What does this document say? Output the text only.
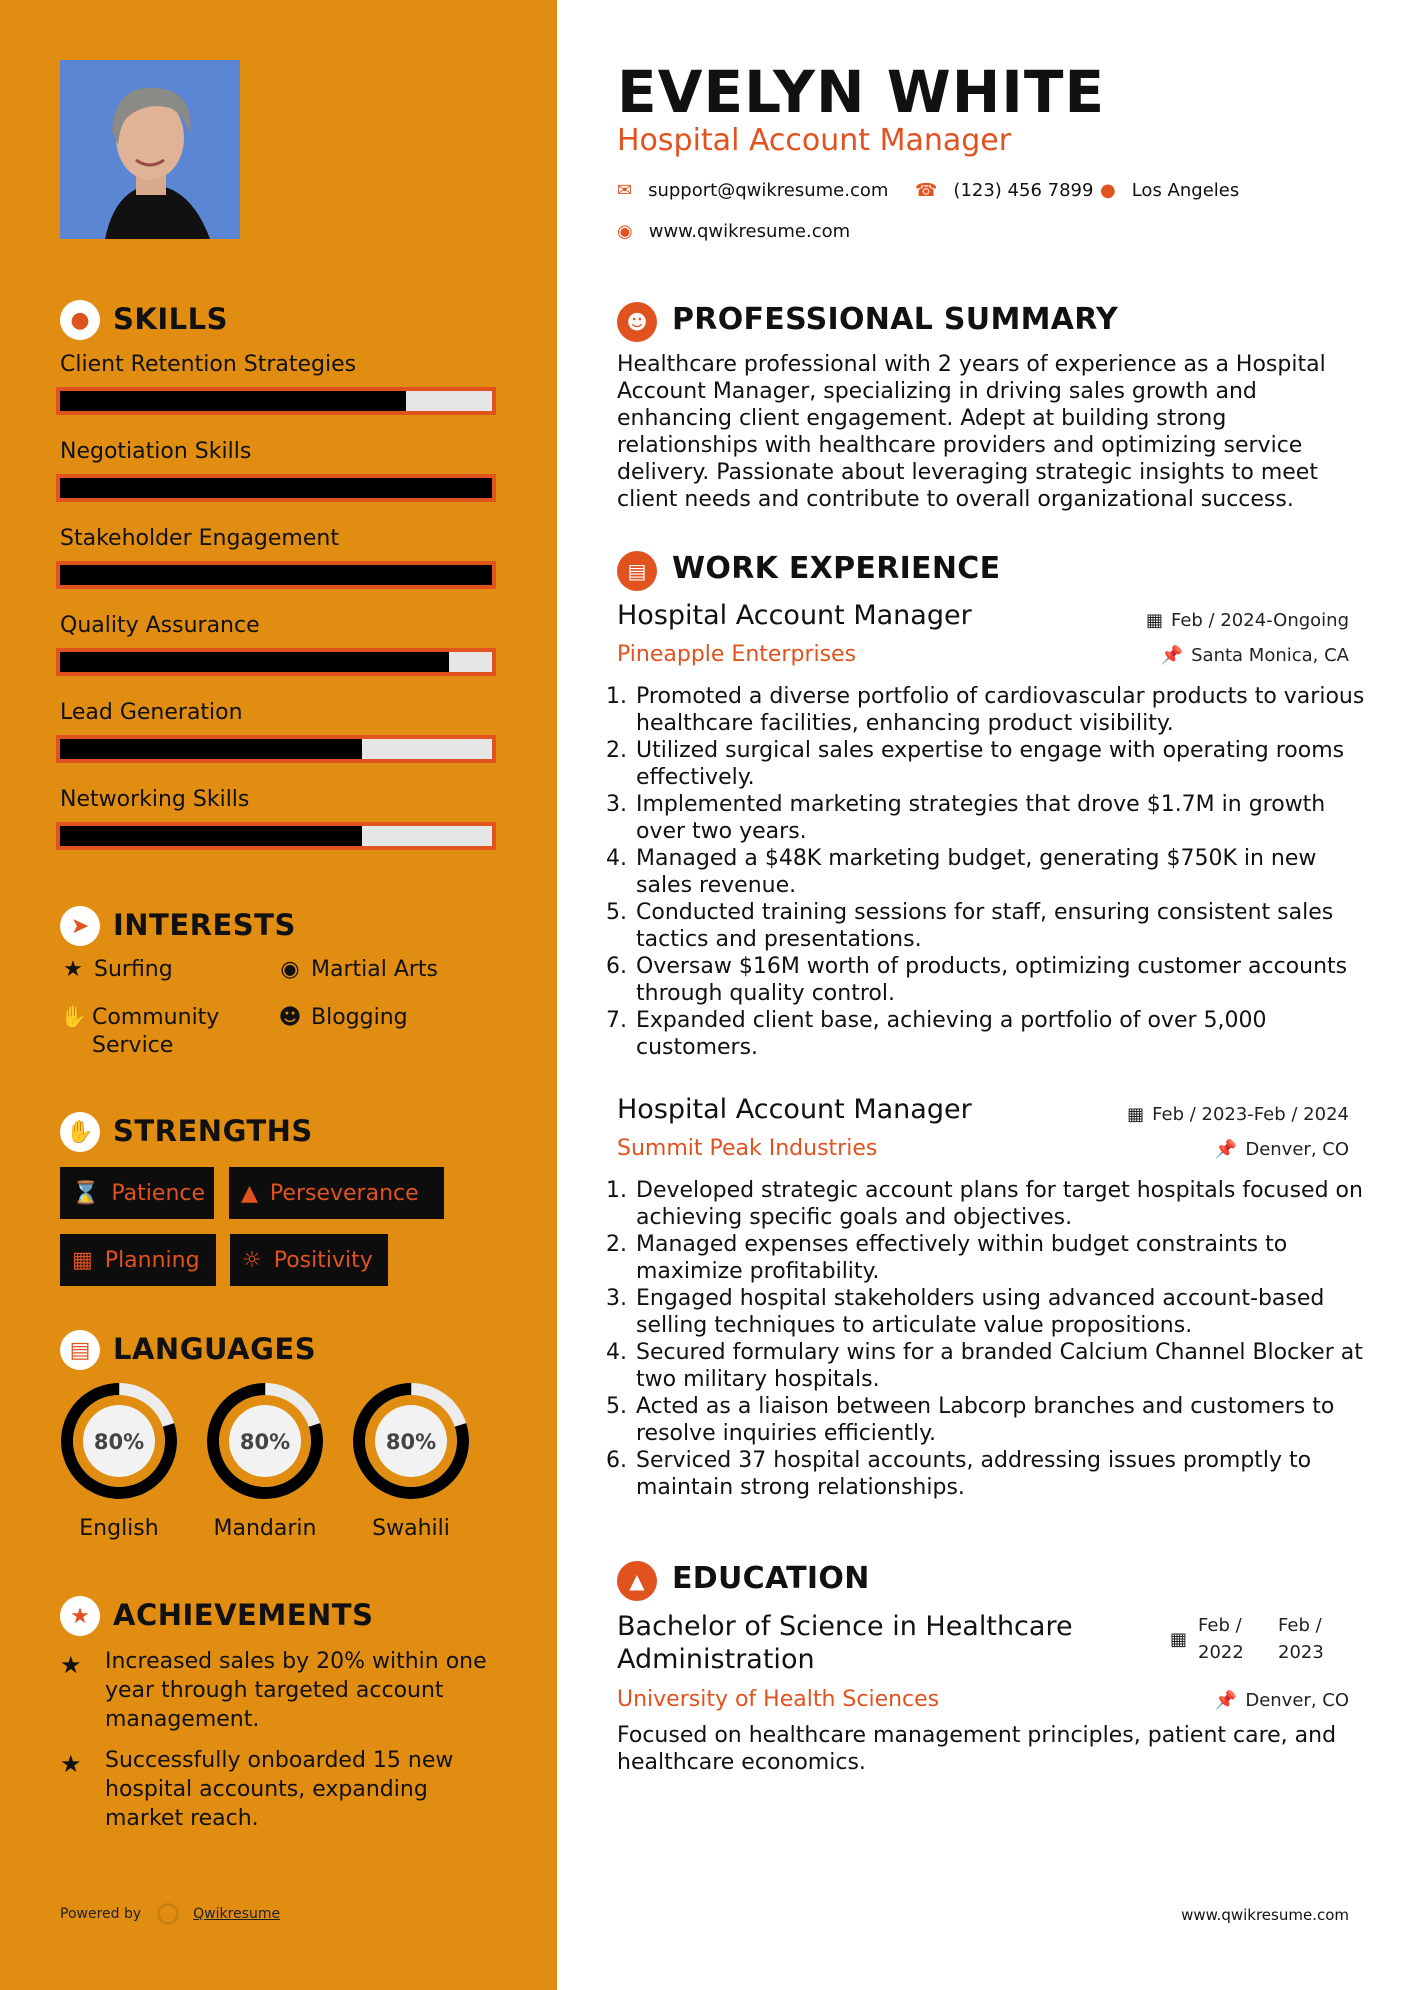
● SKILLS
Client Retention Strategies
Negotiation Skills
Stakeholder Engagement
Quality Assurance
Lead Generation
Networking Skills
➤ INTERESTS
★ Surfing	◉ Martial Arts
✋ Community Service
☻ Blogging
✋ STRENGTHS
⌛ Patience ▲ Perseverance
▦ Planning ☼ Positivity
▤ LANGUAGES
80%	80%	80%
English	Mandarin	Swahili
★ ACHIEVEMENTS
★ Increased sales by 20% within one year through targeted account management.
★ Successfully onboarded 15 new hospital accounts, expanding market reach.
Powered by	Qwikresume
EVELYN WHITE
Hospital Account Manager
✉ support@qwikresume.com ☎ (123) 456 7899 ● Los Angeles
◉ www.qwikresume.com
☻ PROFESSIONAL SUMMARY
Healthcare professional with 2 years of experience as a Hospital Account Manager, specializing in driving sales growth and enhancing client engagement. Adept at building strong relationships with healthcare providers and optimizing service delivery. Passionate about leveraging strategic insights to meet client needs and contribute to overall organizational success.
▤ WORK EXPERIENCE
Hospital Account Manager	▦ Feb / 2024-Ongoing
Pineapple Enterprises	📌 Santa Monica, CA
1. Promoted a diverse portfolio of cardiovascular products to various healthcare facilities, enhancing product visibility.
2. Utilized surgical sales expertise to engage with operating rooms effectively.
3. Implemented marketing strategies that drove $1.7M in growth over two years.
4. Managed a $48K marketing budget, generating $750K in new sales revenue.
5. Conducted training sessions for staff, ensuring consistent sales tactics and presentations.
6. Oversaw $16M worth of products, optimizing customer accounts through quality control.
7. Expanded client base, achieving a portfolio of over 5,000 customers.
Hospital Account Manager	▦ Feb / 2023-Feb / 2024
Summit Peak Industries	📌 Denver, CO
1. Developed strategic account plans for target hospitals focused on achieving specific goals and objectives.
2. Managed expenses effectively within budget constraints to maximize profitability.
3. Engaged hospital stakeholders using advanced account-based selling techniques to articulate value propositions.
4. Secured formulary wins for a branded Calcium Channel Blocker at two military hospitals.
5. Acted as a liaison between Labcorp branches and customers to resolve inquiries efficiently.
6. Serviced 37 hospital accounts, addressing issues promptly to maintain strong relationships.
▲ EDUCATION
Bachelor of Science in Healthcare Administration
▦
Feb / 2022
Feb / 2023
University of Health Sciences	📌 Denver, CO
Focused on healthcare management principles, patient care, and healthcare economics.
www.qwikresume.com
